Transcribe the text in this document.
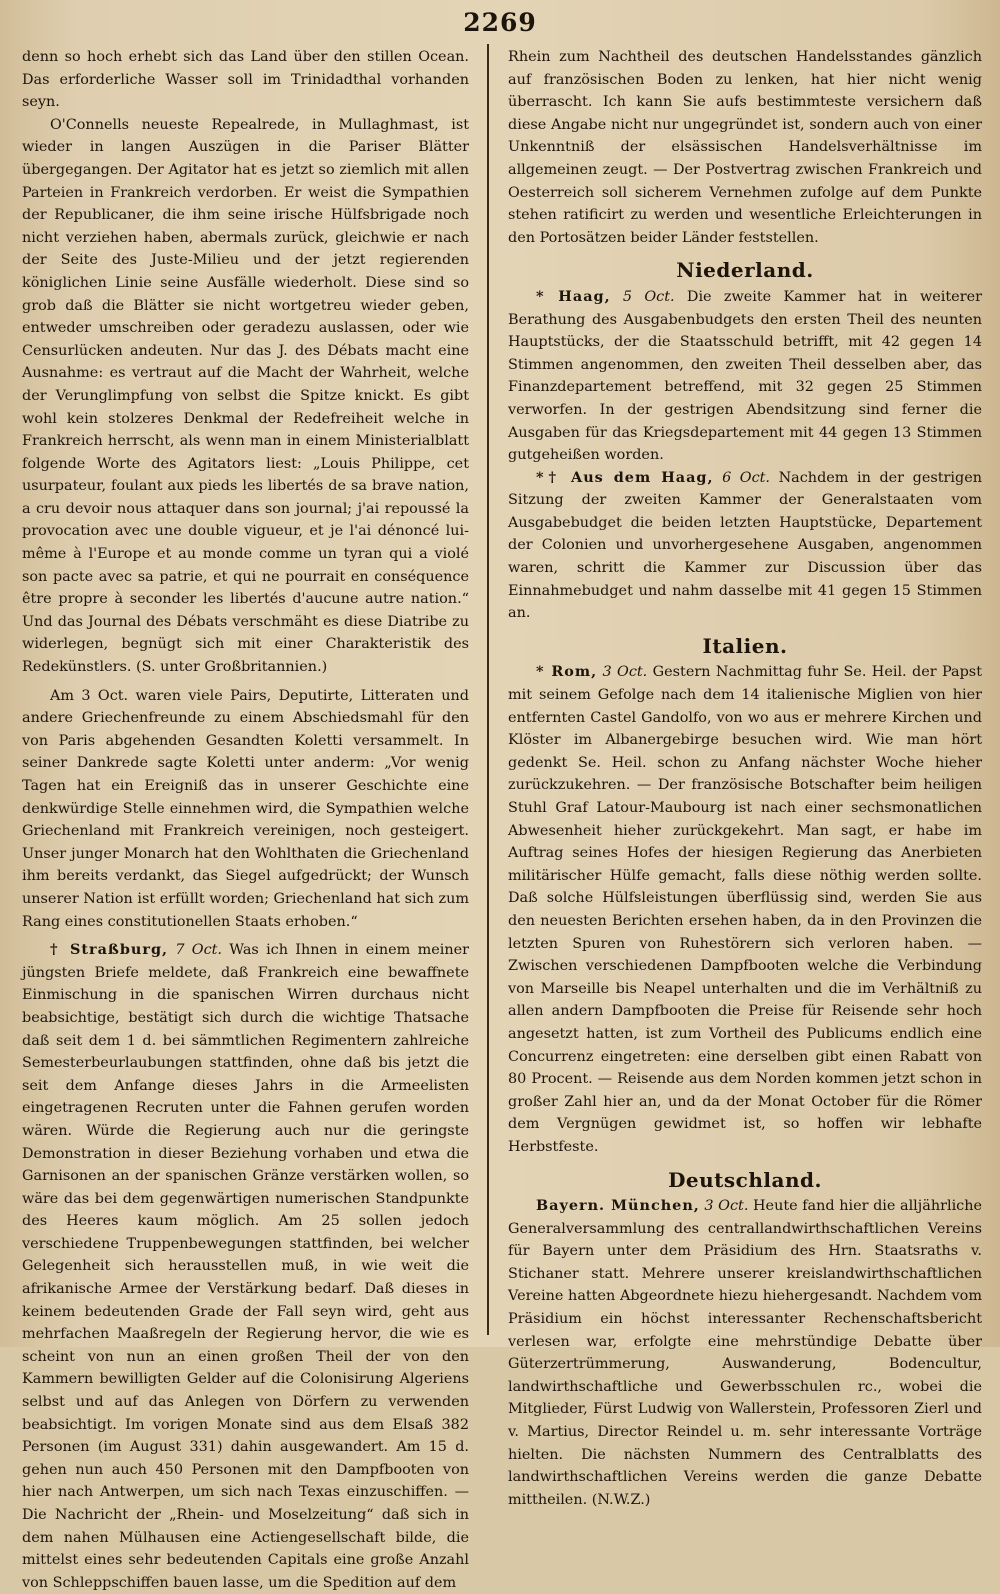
2269

denn so hoch erhebt sich das Land über den stillen Ocean. Das erforderliche Wasser soll im Trinidadthal vorhanden seyn.

O'Connells neueste Repealrede, in Mullaghmast, ist wieder in langen Auszügen in die Pariser Blätter übergegangen. Der Agitator hat es jetzt so ziemlich mit allen Parteien in Frankreich verdorben. Er weist die Sympathien der Republicaner, die ihm seine irische Hülfsbrigade noch nicht verziehen haben, abermals zurück, gleichwie er nach der Seite des Juste-Milieu und der jetzt regierenden königlichen Linie seine Ausfälle wiederholt. Diese sind so grob daß die Blätter sie nicht wortgetreu wieder geben, entweder umschreiben oder geradezu auslassen, oder wie Censurlücken andeuten. Nur das J. des Débats macht eine Ausnahme: es vertraut auf die Macht der Wahrheit, welche der Verunglimpfung von selbst die Spitze knickt. Es gibt wohl kein stolzeres Denkmal der Redefreiheit welche in Frankreich herrscht, als wenn man in einem Ministerialblatt folgende Worte des Agitators liest: „Louis Philippe, cet usurpateur, foulant aux pieds les libertés de sa brave nation, a cru devoir nous attaquer dans son journal; j'ai repoussé la provocation avec une double vigueur, et je l'ai dénoncé lui-même à l'Europe et au monde comme un tyran qui a violé son pacte avec sa patrie, et qui ne pourrait en conséquence être propre à seconder les libertés d'aucune autre nation.“ Und das Journal des Débats verschmäht es diese Diatribe zu widerlegen, begnügt sich mit einer Charakteristik des Redekünstlers. (S. unter Großbritannien.)

Am 3 Oct. waren viele Pairs, Deputirte, Litteraten und andere Griechenfreunde zu einem Abschiedsmahl für den von Paris abgehenden Gesandten Koletti versammelt. In seiner Dankrede sagte Koletti unter anderm: „Vor wenig Tagen hat ein Ereigniß das in unserer Geschichte eine denkwürdige Stelle einnehmen wird, die Sympathien welche Griechenland mit Frankreich vereinigen, noch gesteigert. Unser junger Monarch hat den Wohlthaten die Griechenland ihm bereits verdankt, das Siegel aufgedrückt; der Wunsch unserer Nation ist erfüllt worden; Griechenland hat sich zum Rang eines constitutionellen Staats erhoben.“

† Straßburg, 7 Oct. Was ich Ihnen in einem meiner jüngsten Briefe meldete, daß Frankreich eine bewaffnete Einmischung in die spanischen Wirren durchaus nicht beabsichtige, bestätigt sich durch die wichtige Thatsache daß seit dem 1 d. bei sämmtlichen Regimentern zahlreiche Semesterbeurlaubungen stattfinden, ohne daß bis jetzt die seit dem Anfange dieses Jahrs in die Armeelisten eingetragenen Recruten unter die Fahnen gerufen worden wären. Würde die Regierung auch nur die geringste Demonstration in dieser Beziehung vorhaben und etwa die Garnisonen an der spanischen Gränze verstärken wollen, so wäre das bei dem gegenwärtigen numerischen Standpunkte des Heeres kaum möglich. Am 25 sollen jedoch verschiedene Truppenbewegungen stattfinden, bei welcher Gelegenheit sich herausstellen muß, in wie weit die afrikanische Armee der Verstärkung bedarf. Daß dieses in keinem bedeutenden Grade der Fall seyn wird, geht aus mehrfachen Maaßregeln der Regierung hervor, die wie es scheint von nun an einen großen Theil der von den Kammern bewilligten Gelder auf die Colonisirung Algeriens selbst und auf das Anlegen von Dörfern zu verwenden beabsichtigt. Im vorigen Monate sind aus dem Elsaß 382 Personen (im August 331) dahin ausgewandert. Am 15 d. gehen nun auch 450 Personen mit den Dampfbooten von hier nach Antwerpen, um sich nach Texas einzuschiffen. — Die Nachricht der „Rhein- und Moselzeitung“ daß sich in dem nahen Mülhausen eine Actiengesellschaft bilde, die mittelst eines sehr bedeutenden Capitals eine große Anzahl von Schleppschiffen bauen lasse, um die Spedition auf dem

Rhein zum Nachtheil des deutschen Handelsstandes gänzlich auf französischen Boden zu lenken, hat hier nicht wenig überrascht. Ich kann Sie aufs bestimmteste versichern daß diese Angabe nicht nur ungegründet ist, sondern auch von einer Unkenntniß der elsässischen Handelsverhältnisse im allgemeinen zeugt. — Der Postvertrag zwischen Frankreich und Oesterreich soll sicherem Vernehmen zufolge auf dem Punkte stehen ratificirt zu werden und wesentliche Erleichterungen in den Portosätzen beider Länder feststellen.

Niederland.

* Haag, 5 Oct. Die zweite Kammer hat in weiterer Berathung des Ausgabenbudgets den ersten Theil des neunten Hauptstücks, der die Staatsschuld betrifft, mit 42 gegen 14 Stimmen angenommen, den zweiten Theil desselben aber, das Finanzdepartement betreffend, mit 32 gegen 25 Stimmen verworfen. In der gestrigen Abendsitzung sind ferner die Ausgaben für das Kriegsdepartement mit 44 gegen 13 Stimmen gutgeheißen worden.

*† Aus dem Haag, 6 Oct. Nachdem in der gestrigen Sitzung der zweiten Kammer der Generalstaaten vom Ausgabebudget die beiden letzten Hauptstücke, Departement der Colonien und unvorhergesehene Ausgaben, angenommen waren, schritt die Kammer zur Discussion über das Einnahmebudget und nahm dasselbe mit 41 gegen 15 Stimmen an.

Italien.

* Rom, 3 Oct. Gestern Nachmittag fuhr Se. Heil. der Papst mit seinem Gefolge nach dem 14 italienische Miglien von hier entfernten Castel Gandolfo, von wo aus er mehrere Kirchen und Klöster im Albanergebirge besuchen wird. Wie man hört gedenkt Se. Heil. schon zu Anfang nächster Woche hieher zurückzukehren. — Der französische Botschafter beim heiligen Stuhl Graf Latour-Maubourg ist nach einer sechsmonatlichen Abwesenheit hieher zurückgekehrt. Man sagt, er habe im Auftrag seines Hofes der hiesigen Regierung das Anerbieten militärischer Hülfe gemacht, falls diese nöthig werden sollte. Daß solche Hülfsleistungen überflüssig sind, werden Sie aus den neuesten Berichten ersehen haben, da in den Provinzen die letzten Spuren von Ruhestörern sich verloren haben. — Zwischen verschiedenen Dampfbooten welche die Verbindung von Marseille bis Neapel unterhalten und die im Verhältniß zu allen andern Dampfbooten die Preise für Reisende sehr hoch angesetzt hatten, ist zum Vortheil des Publicums endlich eine Concurrenz eingetreten: eine derselben gibt einen Rabatt von 80 Procent. — Reisende aus dem Norden kommen jetzt schon in großer Zahl hier an, und da der Monat October für die Römer dem Vergnügen gewidmet ist, so hoffen wir lebhafte Herbstfeste.

Deutschland.

Bayern. München, 3 Oct. Heute fand hier die alljährliche Generalversammlung des centrallandwirthschaftlichen Vereins für Bayern unter dem Präsidium des Hrn. Staatsraths v. Stichaner statt. Mehrere unserer kreislandwirthschaftlichen Vereine hatten Abgeordnete hiezu hiehergesandt. Nachdem vom Präsidium ein höchst interessanter Rechenschaftsbericht verlesen war, erfolgte eine mehrstündige Debatte über Güterzertrümmerung, Auswanderung, Bodencultur, landwirthschaftliche und Gewerbsschulen rc., wobei die Mitglieder, Fürst Ludwig von Wallerstein, Professoren Zierl und v. Martius, Director Reindel u. m. sehr interessante Vorträge hielten. Die nächsten Nummern des Centralblatts des landwirthschaftlichen Vereins werden die ganze Debatte mittheilen. (N.W.Z.)
